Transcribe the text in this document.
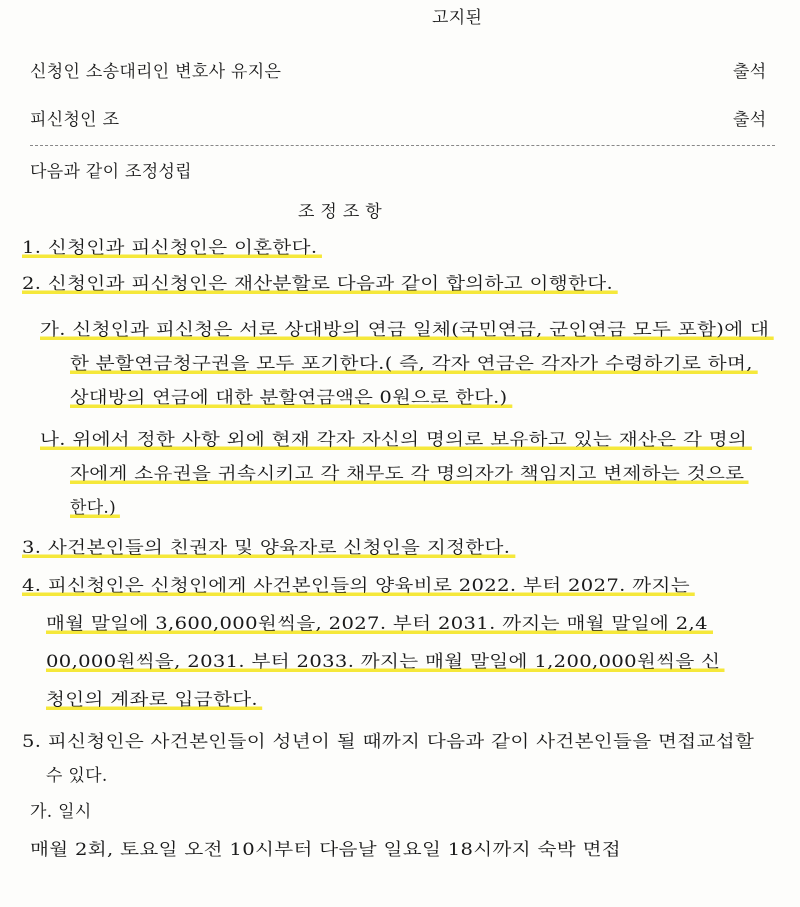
고지된
신청인 소송대리인 변호사 유지은	출석
피신청인 조	출석
다음과 같이 조정성립
조 정 조 항
1. 신청인과 피신청인은 이혼한다.
2. 신청인과 피신청인은 재산분할로 다음과 같이 합의하고 이행한다.
가. 신청인과 피신청은 서로 상대방의 연금 일체(국민연금, 군인연금 모두 포함)에 대
한 분할연금청구권을 모두 포기한다.( 즉, 각자 연금은 각자가 수령하기로 하며,
상대방의 연금에 대한 분할연금액은 0원으로 한다.)
나. 위에서 정한 사항 외에 현재 각자 자신의 명의로 보유하고 있는 재산은 각 명의
자에게 소유권을 귀속시키고 각 채무도 각 명의자가 책임지고 변제하는 것으로
한다.)
3. 사건본인들의 친권자 및 양육자로 신청인을 지정한다.
4. 피신청인은 신청인에게 사건본인들의 양육비로 2022. 부터 2027. 까지는
매월 말일에 3,600,000원씩을, 2027. 부터 2031. 까지는 매월 말일에 2,4
00,000원씩을, 2031. 부터 2033. 까지는 매월 말일에 1,200,000원씩을 신
청인의 계좌로 입금한다.
5. 피신청인은 사건본인들이 성년이 될 때까지 다음과 같이 사건본인들을 면접교섭할
수 있다.
가. 일시
매월 2회, 토요일 오전 10시부터 다음날 일요일 18시까지 숙박 면접
